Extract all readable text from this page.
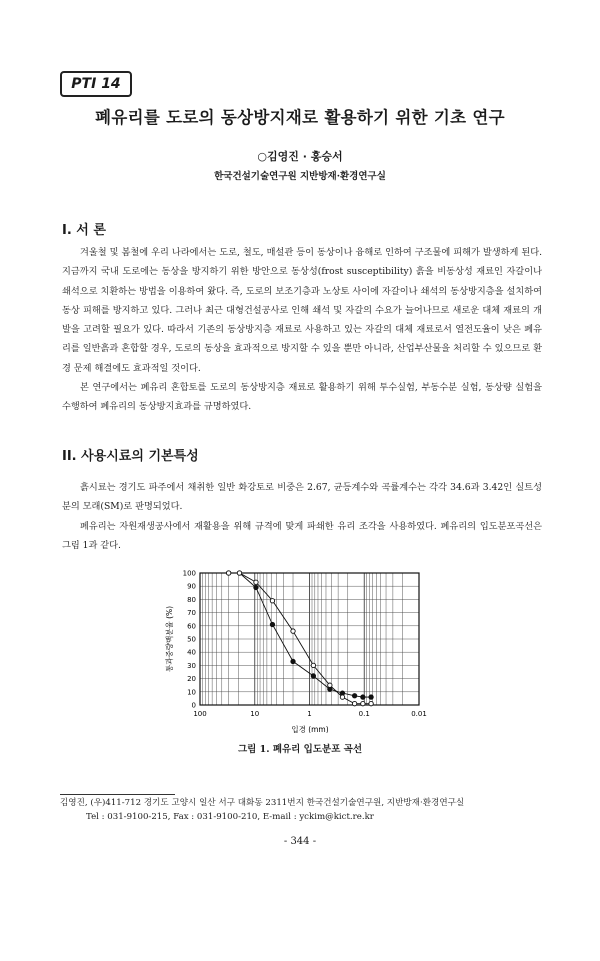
PTI 14
폐유리를 도로의 동상방지재로 활용하기 위한 기초 연구
○김영진 · 홍승서
한국건설기술연구원 지반방재·환경연구실
I. 서 론

겨울철 및 봄철에 우리 나라에서는 도로, 철도, 매설관 등이 동상이나 융해로 인하여 구조물에 피해가 발생하게 된다. 지금까지 국내 도로에는 동상을 방지하기 위한 방안으로 동상성(frost susceptibility) 흙을 비동상성 재료인 자갈이나 쇄석으로 치환하는 방법을 이용하여 왔다. 즉, 도로의 보조기층과 노상토 사이에 자갈이나 쇄석의 동상방지층을 설치하여 동상 피해를 방지하고 있다. 그러나 최근 대형건설공사로 인해 쇄석 및 자갈의 수요가 늘어나므로 새로운 대체 재료의 개발을 고려할 필요가 있다. 따라서 기존의 동상방지층 재료로 사용하고 있는 자갈의 대체 재료로서 열전도율이 낮은 폐유리를 일반흙과 혼합할 경우, 도로의 동상을 효과적으로 방지할 수 있을 뿐만 아니라, 산업부산물을 처리할 수 있으므로 환경 문제 해결에도 효과적일 것이다.

본 연구에서는 폐유리 혼합토를 도로의 동상방지층 재료로 활용하기 위해 투수실험, 부동수분 실험, 동상량 실험을 수행하여 폐유리의 동상방지효과를 규명하였다.

II. 사용시료의 기본특성

흙시료는 경기도 파주에서 채취한 일반 화강토로 비중은 2.67, 균등계수와 곡률계수는 각각 34.6과 3.42인 실트성분의 모래(SM)로 판명되었다.

폐유리는 자원재생공사에서 재활용을 위해 규격에 맞게 파쇄한 유리 조각을 사용하였다. 폐유리의 입도분포곡선은 그림 1과 같다.

0
10
20
30
40
50
60
70
80
90
100
100	10	1	0.1	0.01
통과중량백분율 (%)
입경 (mm)
그림 1. 폐유리 입도분포 곡선
김영진, (우)411-712 경기도 고양시 일산 서구 대화동 2311번지 한국건설기술연구원, 지반방재·환경연구실
Tel : 031-9100-215, Fax : 031-9100-210, E-mail : yckim@kict.re.kr
- 344 -
